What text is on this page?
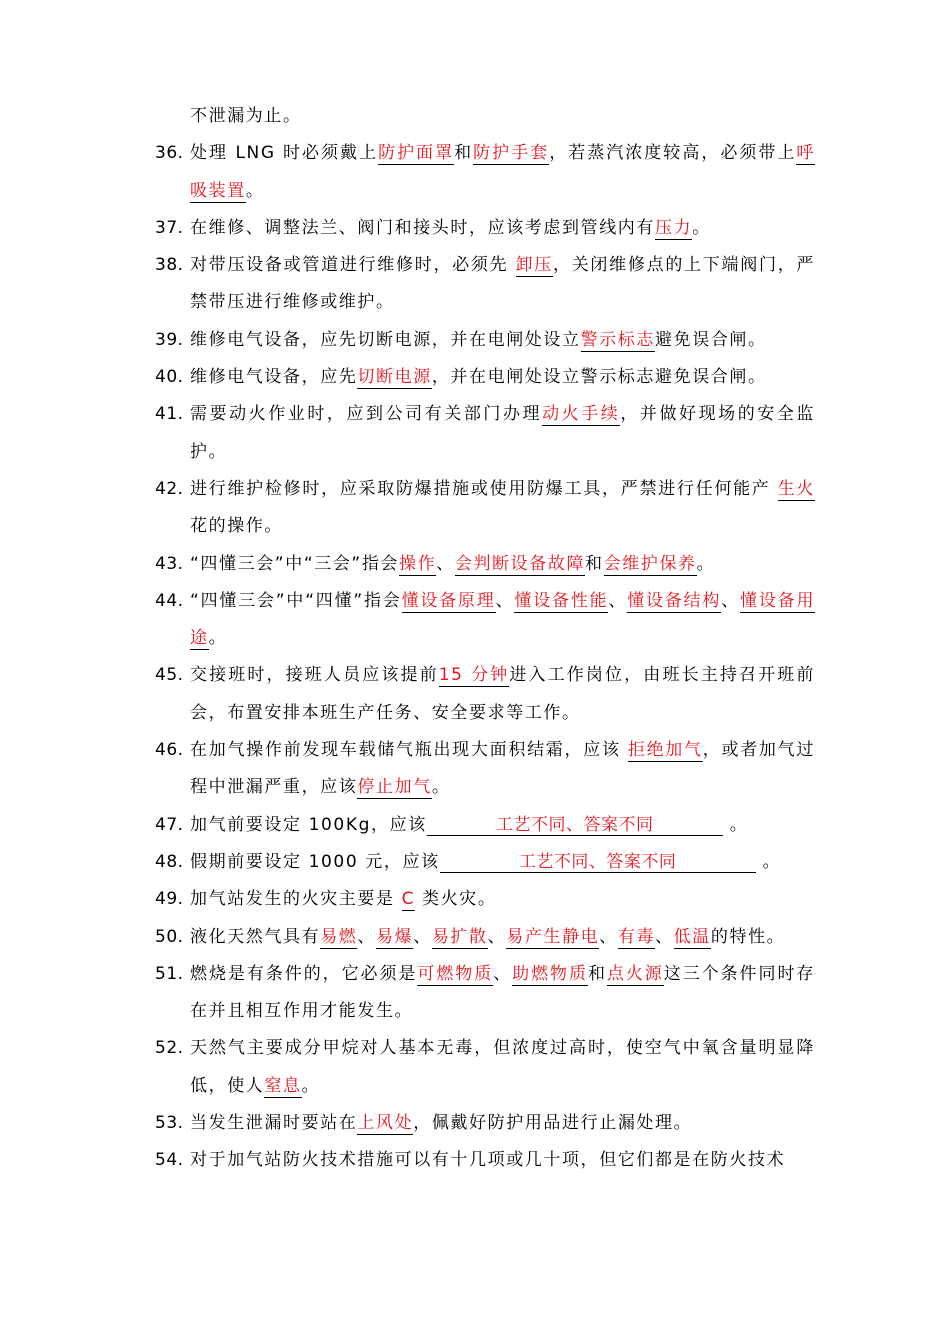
不泄漏为止。
36. 处理 LNG 时必须戴上防护面罩和防护手套，若蒸汽浓度较高，必须带上呼吸装置。
37. 在维修、调整法兰、阀门和接头时，应该考虑到管线内有压力。
38. 对带压设备或管道进行维修时，必须先 卸压，关闭维修点的上下端阀门，严禁带压进行维修或维护。
39. 维修电气设备，应先切断电源，并在电闸处设立警示标志避免误合闸。
40. 维修电气设备，应先切断电源，并在电闸处设立警示标志避免误合闸。
41. 需要动火作业时，应到公司有关部门办理动火手续，并做好现场的安全监护。
42. 进行维护检修时，应采取防爆措施或使用防爆工具，严禁进行任何能产 生火花的操作。
43. “四懂三会”中“三会”指会操作、会判断设备故障和会维护保养。
44. “四懂三会”中“四懂”指会懂设备原理、懂设备性能、懂设备结构、懂设备用途。
45. 交接班时，接班人员应该提前15 分钟进入工作岗位，由班长主持召开班前会，布置安排本班生产任务、安全要求等工作。
46. 在加气操作前发现车载储气瓶出现大面积结霜，应该 拒绝加气，或者加气过程中泄漏严重，应该停止加气。
47. 加气前要设定 100Kg，应该	工艺不同、答案不同	。
48. 假期前要设定 1000 元，应该	工艺不同、答案不同	。
49. 加气站发生的火灾主要是 C 类火灾。
50. 液化天然气具有易燃、易爆、易扩散、易产生静电、有毒、低温的特性。
51. 燃烧是有条件的，它必须是可燃物质、助燃物质和点火源这三个条件同时存在并且相互作用才能发生。
52. 天然气主要成分甲烷对人基本无毒，但浓度过高时，使空气中氧含量明显降低，使人窒息。
53. 当发生泄漏时要站在上风处，佩戴好防护用品进行止漏处理。
54. 对于加气站防火技术措施可以有十几项或几十项，但它们都是在防火技术
